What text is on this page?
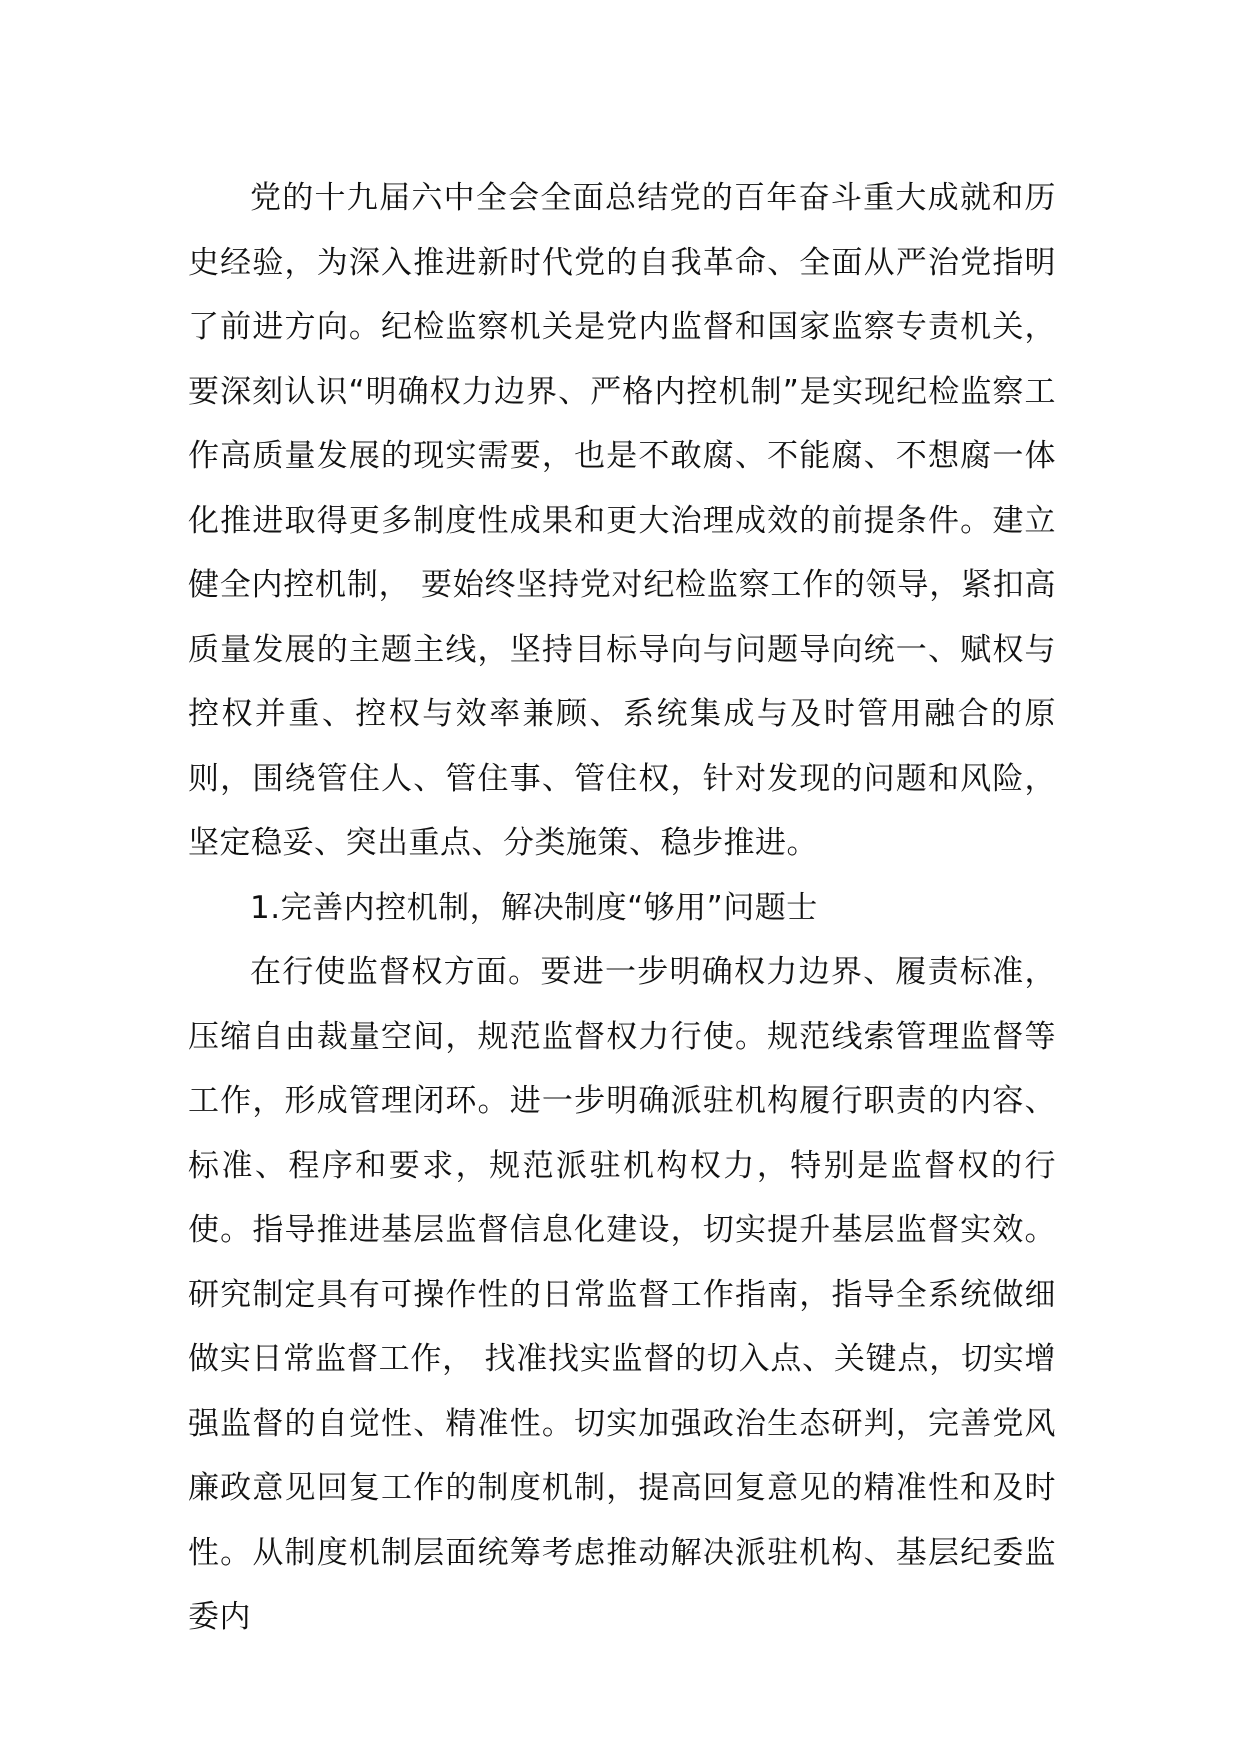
党的十九届六中全会全面总结党的百年奋斗重大成就和历史经验，为深入推进新时代党的自我革命、全面从严治党指明了前进方向。纪检监察机关是党内监督和国家监察专责机关，要深刻认识“明确权力边界、严格内控机制”是实现纪检监察工作高质量发展的现实需要，也是不敢腐、不能腐、不想腐一体化推进取得更多制度性成果和更大治理成效的前提条件。建立健全内控机制， 要始终坚持党对纪检监察工作的领导，紧扣高质量发展的主题主线，坚持目标导向与问题导向统一、赋权与控权并重、控权与效率兼顾、系统集成与及时管用融合的原则，围绕管住人、管住事、管住权，针对发现的问题和风险，坚定稳妥、突出重点、分类施策、稳步推进。

1.完善内控机制，解决制度“够用”问题士

在行使监督权方面。要进一步明确权力边界、履责标准，压缩自由裁量空间，规范监督权力行使。规范线索管理监督等工作，形成管理闭环。进一步明确派驻机构履行职责的内容、标准、程序和要求，规范派驻机构权力，特别是监督权的行使。指导推进基层监督信息化建设，切实提升基层监督实效。研究制定具有可操作性的日常监督工作指南，指导全系统做细做实日常监督工作， 找准找实监督的切入点、关键点，切实增强监督的自觉性、精准性。切实加强政治生态研判，完善党风廉政意见回复工作的制度机制，提高回复意见的精准性和及时性。从制度机制层面统筹考虑推动解决派驻机构、基层纪委监委内
